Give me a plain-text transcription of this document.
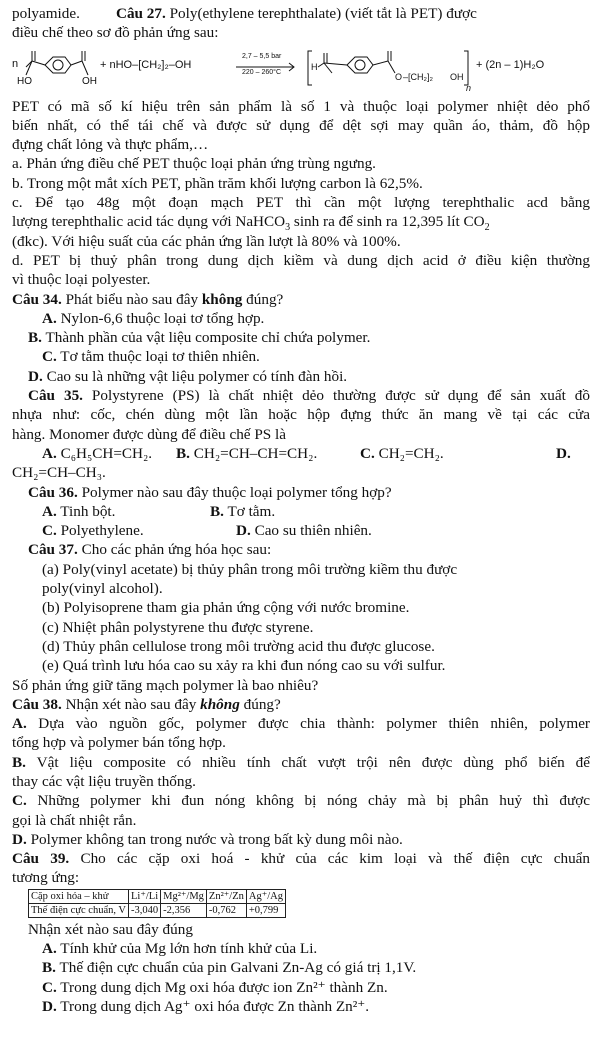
polyamide.	Câu 27. Poly(ethylene terephthalate) (viết tắt là PET) được
điều chế theo sơ đồ phản ứng sau:
n
HO	OH
+ nHO–[CH₂]₂–OH
2,7 – 5,5 bar
220 – 260°C
H
O –[CH₂]₂ OH
n
+ (2n – 1)H₂O
PET có mã số kí hiệu trên sản phẩm là số 1 và thuộc loại polymer nhiệt dẻo phổ
biến nhất, có thể tái chế và được sử dụng để dệt sợi may quần áo, thảm, đồ hộp
đựng chất lỏng và thực phẩm,…
a. Phản ứng điều chế PET thuộc loại phản ứng trùng ngưng.
b. Trong một mắt xích PET, phần trăm khối lượng carbon là 62,5%.
c. Để tạo 48g một đoạn mạch PET thì cần một lượng terephthalic acd bằng
lượng terephthalic acid tác dụng với NaHCO$_3$ sinh ra để sinh ra 12,395 lít $CO_2$
(đkc). Với hiệu suất của các phản ứng lần lượt là 80% và 100%.
d. PET bị thuỷ phân trong dung dịch kiềm và dung dịch acid ở điều kiện thường
vì thuộc loại polyester.
Câu 34. Phát biểu nào sau đây không đúng?
A. Nylon-6,6 thuộc loại tơ tổng hợp.
B. Thành phần của vật liệu composite chỉ chứa polymer.
C. Tơ tằm thuộc loại tơ thiên nhiên.
D. Cao su là những vật liệu polymer có tính đàn hồi.
Câu 35. Polystyrene (PS) là chất nhiệt dẻo thường được sử dụng để sản xuất đồ
nhựa như: cốc, chén dùng một lần hoặc hộp đựng thức ăn mang về tại các cửa
hàng. Monomer được dùng để điều chế PS là
A. C₆H₅CH=CH₂.	B. CH₂=CH–CH=CH₂.	C. CH₂=CH₂.	D.
CH₂=CH–CH₃.
Câu 36. Polymer nào sau đây thuộc loại polymer tổng hợp?
A. Tinh bột.	B. Tơ tằm.
C. Polyethylene.	D. Cao su thiên nhiên.
Câu 37. Cho các phản ứng hóa học sau:
(a) Poly(vinyl acetate) bị thủy phân trong môi trường kiềm thu được
poly(vinyl alcohol).
(b) Polyisoprene tham gia phản ứng cộng với nước bromine.
(c) Nhiệt phân polystyrene thu được styrene.
(d) Thủy phân cellulose trong môi trường acid thu được glucose.
(e) Quá trình lưu hóa cao su xảy ra khi đun nóng cao su với sulfur.
Số phản ứng giữ tăng mạch polymer là bao nhiêu?
Câu 38. Nhận xét nào sau đây không đúng?
A. Dựa vào nguồn gốc, polymer được chia thành: polymer thiên nhiên, polymer
tổng hợp và polymer bán tổng hợp.
B. Vật liệu composite có nhiều tính chất vượt trội nên được dùng phổ biến để
thay các vật liệu truyền thống.
C. Những polymer khi đun nóng không bị nóng chảy mà bị phân huỷ thì được
gọi là chất nhiệt rắn.
D. Polymer không tan trong nước và trong bất kỳ dung môi nào.
Câu 39. Cho các cặp oxi hoá - khử của các kim loại và thế điện cực chuẩn
tương ứng:
Cặp oxi hóa – khử	Li⁺/Li	Mg²⁺/Mg	Zn²⁺/Zn	Ag⁺/Ag
Thế điện cực chuẩn, V	-3,040	-2,356	-0,762	+0,799
Nhận xét nào sau đây đúng
A. Tính khử của Mg lớn hơn tính khử của Li.
B. Thế điện cực chuẩn của pin Galvani Zn-Ag có giá trị 1,1V.
C. Trong dung dịch Mg oxi hóa được ion Zn²⁺ thành Zn.
D. Trong dung dịch Ag⁺ oxi hóa được Zn thành Zn²⁺.
